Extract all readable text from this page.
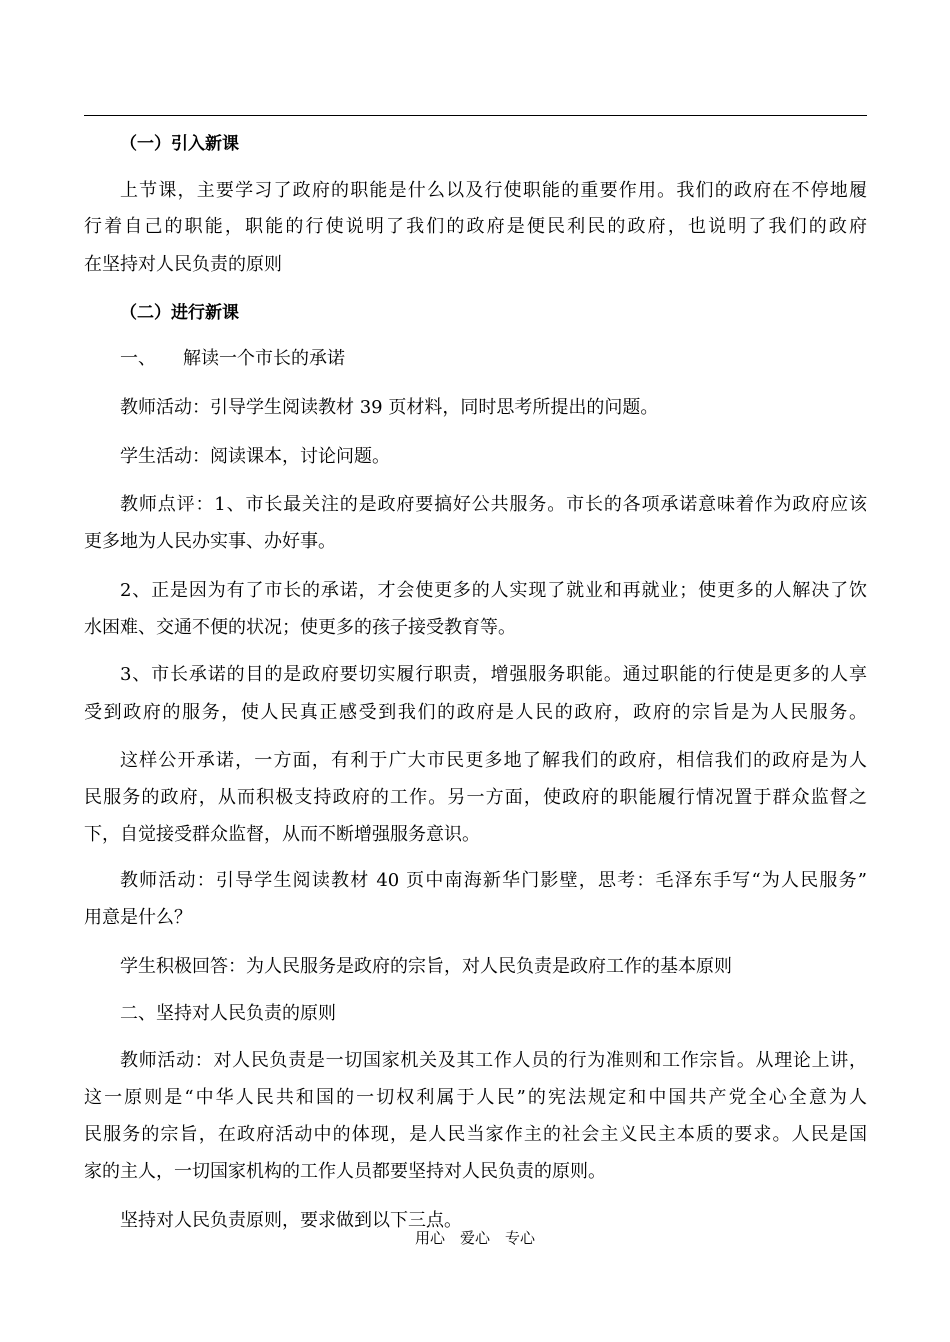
（一）引入新课
上节课，主要学习了政府的职能是什么以及行使职能的重要作用。我们的政府在不停地履
行着自己的职能，职能的行使说明了我们的政府是便民利民的政府，也说明了我们的政府
在坚持对人民负责的原则
（二）进行新课
一、　　解读一个市长的承诺
教师活动：引导学生阅读教材 39 页材料，同时思考所提出的问题。
学生活动：阅读课本，讨论问题。
教师点评：1、市长最关注的是政府要搞好公共服务。市长的各项承诺意味着作为政府应该
更多地为人民办实事、办好事。
2、正是因为有了市长的承诺，才会使更多的人实现了就业和再就业；使更多的人解决了饮
水困难、交通不便的状况；使更多的孩子接受教育等。
3、市长承诺的目的是政府要切实履行职责，增强服务职能。通过职能的行使是更多的人享
受到政府的服务，使人民真正感受到我们的政府是人民的政府，政府的宗旨是为人民服务。
这样公开承诺，一方面，有利于广大市民更多地了解我们的政府，相信我们的政府是为人
民服务的政府，从而积极支持政府的工作。另一方面，使政府的职能履行情况置于群众监督之
下，自觉接受群众监督，从而不断增强服务意识。
教师活动：引导学生阅读教材 40 页中南海新华门影壁，思考：毛泽东手写“为人民服务”
用意是什么？
学生积极回答：为人民服务是政府的宗旨，对人民负责是政府工作的基本原则
二、坚持对人民负责的原则
教师活动：对人民负责是一切国家机关及其工作人员的行为准则和工作宗旨。从理论上讲，
这一原则是“中华人民共和国的一切权利属于人民”的宪法规定和中国共产党全心全意为人
民服务的宗旨，在政府活动中的体现，是人民当家作主的社会主义民主本质的要求。人民是国
家的主人，一切国家机构的工作人员都要坚持对人民负责的原则。
坚持对人民负责原则，要求做到以下三点。
用心　爱心　专心
